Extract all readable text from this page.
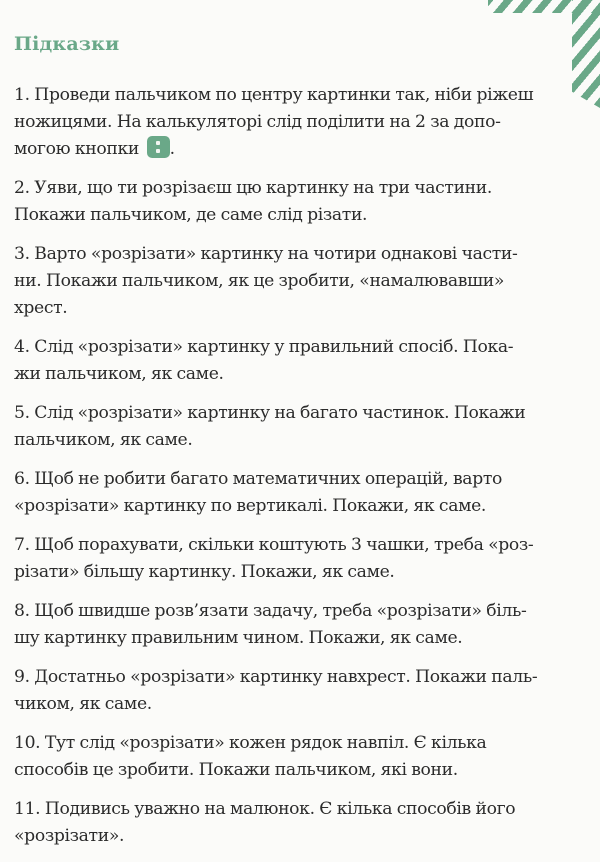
Підказки

1. Проведи пальчиком по центру картинки так, ніби ріжеш
ножицями. На калькуляторі слід поділити на 2 за допо-
могою кнопки .

2. Уяви, що ти розрізаєш цю картинку на три частини.
Покажи пальчиком, де саме слід різати.

3. Варто «розрізати» картинку на чотири однакові части-
ни. Покажи пальчиком, як це зробити, «намалювавши»
хрест.

4. Слід «розрізати» картинку у правильний спосіб. Пока-
жи пальчиком, як саме.

5. Слід «розрізати» картинку на багато частинок. Покажи
пальчиком, як саме.

6. Щоб не робити багато математичних операцій, варто
«розрізати» картинку по вертикалі. Покажи, як саме.

7. Щоб порахувати, скільки коштують 3 чашки, треба «роз-
різати» більшу картинку. Покажи, як саме.

8. Щоб швидше розв’язати задачу, треба «розрізати» біль-
шу картинку правильним чином. Покажи, як саме.

9. Достатньо «розрізати» картинку навхрест. Покажи паль-
чиком, як саме.

10. Тут слід «розрізати» кожен рядок навпіл. Є кілька
способів це зробити. Покажи пальчиком, які вони.

11. Подивись уважно на малюнок. Є кілька способів його
«розрізати».
